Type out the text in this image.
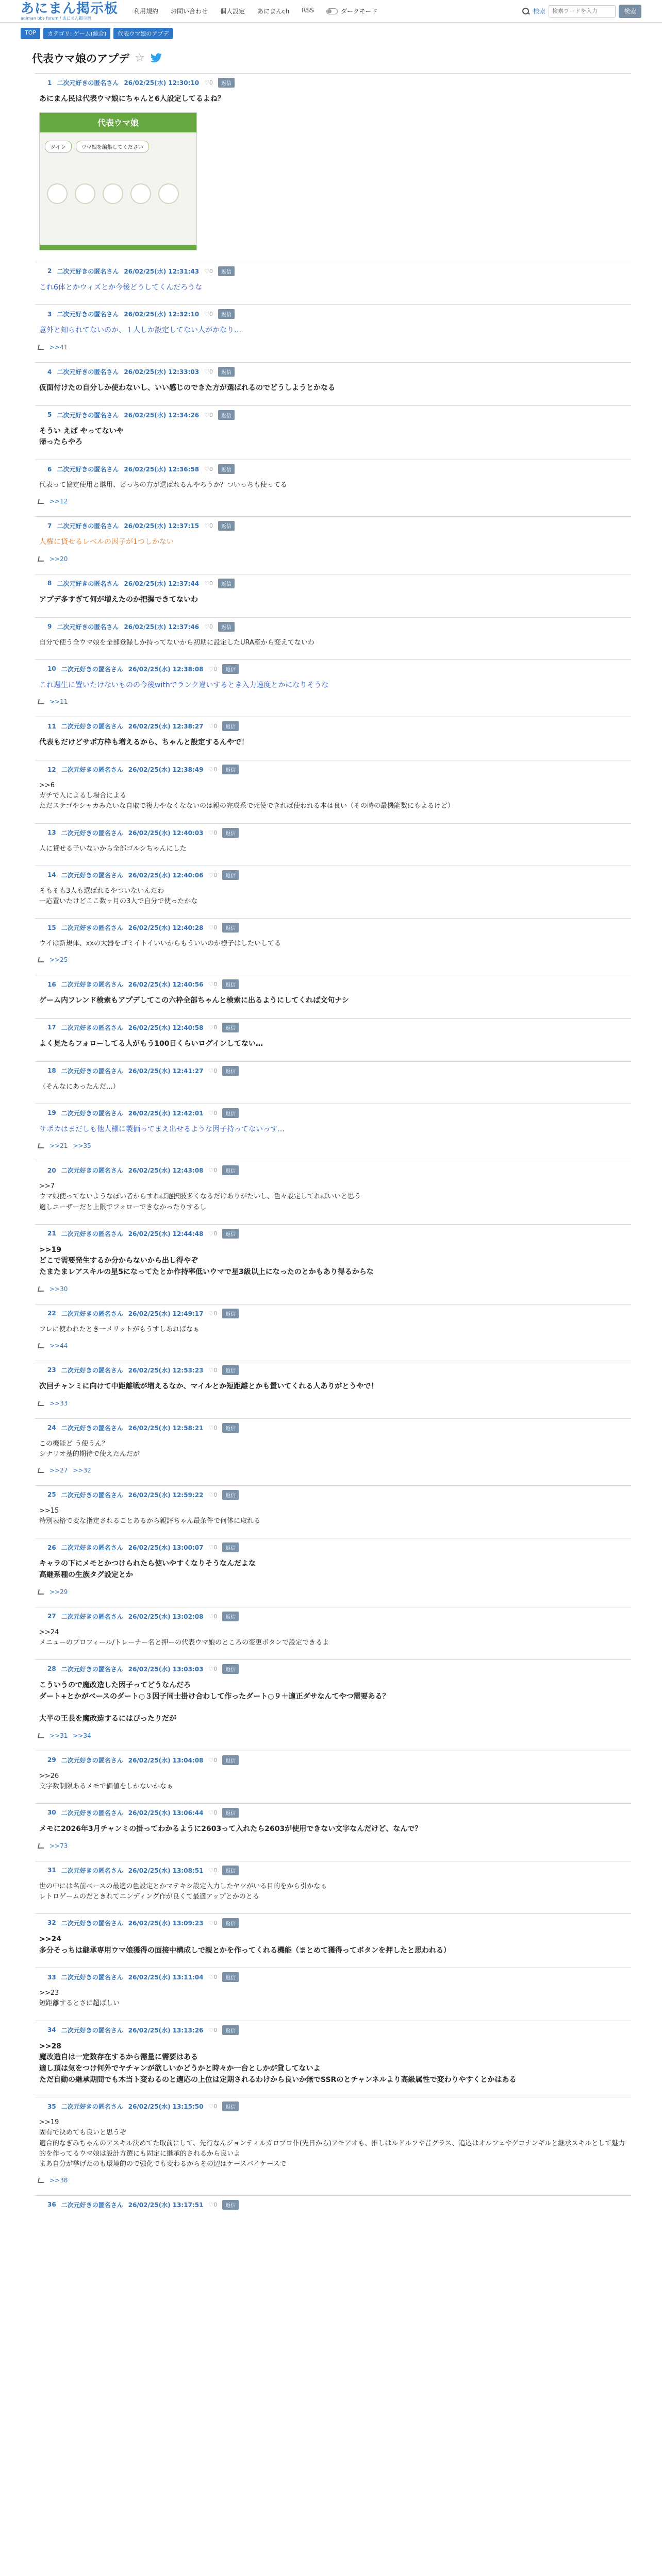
あにまん掲示板
animan bbs forum / あにまん掲示板
利用規約 お問い合わせ 個人設定 あにまんch RSS	ダークモード	検索
検索ワードを入力	検索
TOP	カテゴリ: ゲーム(総合)	代表ウマ娘のアプデ
代表ウマ娘のアプデ ☆
1 二次元好きの匿名さん 26/02/25(水) 12:30:10 ♡0	返信
あにまん民は代表ウマ娘にちゃんと6人設定してるよね？
代表ウマ娘
ダイン	ウマ娘を編集してください
2 二次元好きの匿名さん 26/02/25(水) 12:31:43 ♡0	返信
これ6体とかウィズとか今後どうしてくんだろうな
3 二次元好きの匿名さん 26/02/25(水) 12:32:10 ♡0	返信
意外と知られてないのか、１人しか設定してない人がかなり…
>>41
4 二次元好きの匿名さん 26/02/25(水) 12:33:03 ♡0	返信
仮面付けたの自分しか使わないし、いい感じのできた方が選ばれるのでどうしようとかなる
5 二次元好きの匿名さん 26/02/25(水) 12:34:26 ♡0	返信
そうい えば やってないや
帰ったらやろ
6 二次元好きの匿名さん 26/02/25(水) 12:36:58 ♡0	返信
代表って協定使用と継用、どっちの方が選ばれるんやろうか？ついっちも使ってる
>>12
7 二次元好きの匿名さん 26/02/25(水) 12:37:15 ♡0	返信
人権に貸せるレベルの因子が1つしかない
>>20
8 二次元好きの匿名さん 26/02/25(水) 12:37:44 ♡0	返信
アプデ多すぎて何が増えたのか把握できてないわ
9 二次元好きの匿名さん 26/02/25(水) 12:37:46 ♡0	返信
自分で使う全ウマ娘を全部登録しか持ってないから初期に設定したURA産から変えてないわ
10 二次元好きの匿名さん 26/02/25(水) 12:38:08 ♡0	返信
これ週生に置いたけないものの今後withでランク違いするとき入力速度とかになりそうな
>>11
11 二次元好きの匿名さん 26/02/25(水) 12:38:27 ♡0	返信
代表もだけどサポ方枠も増えるから、ちゃんと設定するんやで！
12 二次元好きの匿名さん 26/02/25(水) 12:38:49 ♡0	返信
>>6
ガチで入によるし場合による
ただステゴやシャカみたいな自取で複力やなくなないのは親の完成系で死使できれば使われる本は良い（その時の最機能数にもよるけど）
13 二次元好きの匿名さん 26/02/25(水) 12:40:03 ♡0	返信
人に貸せる子いないから全部ゴルシちゃんにした
14 二次元好きの匿名さん 26/02/25(水) 12:40:06 ♡0	返信
そもそも3人も選ばれるやついないんだわ
一応置いたけどここ数ヶ月の3人で自分で使ったかな
15 二次元好きの匿名さん 26/02/25(水) 12:40:28 ♡0	返信
ウイは新規体、xxの大器をゴミイトイいいからもういいのか様子はしたいしてる
>>25
16 二次元好きの匿名さん 26/02/25(水) 12:40:56 ♡0	返信
ゲーム内フレンド検索もアプデしてこの六枠全部ちゃんと検索に出るようにしてくれば文句ナシ
17 二次元好きの匿名さん 26/02/25(水) 12:40:58 ♡0	返信
よく見たらフォローしてる人がもう100日くらいログインしてない…
18 二次元好きの匿名さん 26/02/25(水) 12:41:27 ♡0	返信
（そんなにあったんだ…）
19 二次元好きの匿名さん 26/02/25(水) 12:42:01 ♡0	返信
サポカはまだしも他人様に製価ってまえ出せるような因子持ってないっす…
>>21 >>35
20 二次元好きの匿名さん 26/02/25(水) 12:43:08 ♡0	返信
>>7
ウマ娘使ってないようなぽい者からすれば選択肢多くなるだけありがたいし、色々設定してればいいと思う
適しユーザーだと上限でフォローできなかったりするし
21 二次元好きの匿名さん 26/02/25(水) 12:44:48 ♡0	返信
>>19
どこで需要発生するか分からないから出し得やぞ
たまたまレアスキルの星5になってたとか作持率低いウマで星3級以上になったのとかもあり得るからな
>>30
22 二次元好きの匿名さん 26/02/25(水) 12:49:17 ♡0	返信
フレに使われたとき一メリットがもうすしあればなぁ
>>44
23 二次元好きの匿名さん 26/02/25(水) 12:53:23 ♡0	返信
次回チャンミに向けて中距離戦が増えるなか、マイルとか短距離とかも置いてくれる人ありがとうやで！
>>33
24 二次元好きの匿名さん 26/02/25(水) 12:58:21 ♡0	返信
この機能ど う使うん？
シナリオ基的期待で使えたんだが
>>27 >>32
25 二次元好きの匿名さん 26/02/25(水) 12:59:22 ♡0	返信
>>15
特別表格で変な指定されることあるから親評ちゃん最条件で何体に取れる
26 二次元好きの匿名さん 26/02/25(水) 13:00:07 ♡0	返信
キャラの下にメモとかつけられたら使いやすくなりそうなんだよな
高継系種の生族タグ設定とか
>>29
27 二次元好きの匿名さん 26/02/25(水) 13:02:08 ♡0	返信
>>24
メニューのプロフィール/トレーナー名と押ーの代表ウマ娘のところの変更ボタンで設定できるよ
28 二次元好きの匿名さん 26/02/25(水) 13:03:03 ♡0	返信
こういうので魔改造した因子ってどうなんだろ
ダート+とかがベースのダート○３因子同士掛け合わして作ったダート○９＋適正ダサなんてやつ需要ある？

大半の王長を魔改造するにはぴったりだが
>>31 >>34
29 二次元好きの匿名さん 26/02/25(水) 13:04:08 ♡0	返信
>>26
文字数制限あるメモで価値をしかないかなぁ
30 二次元好きの匿名さん 26/02/25(水) 13:06:44 ♡0	返信
メモに2026年3月チャンミの掛ってわかるように2603って入れたら2603が使用できない文字なんだけど、なんで？
>>73
31 二次元好きの匿名さん 26/02/25(水) 13:08:51 ♡0	返信
世の中には名前ベースの最適の色設定とかマテキシ設定入力したヤツがいる目的をから引かなぁ
レトロゲームのだときれてエンディング作が良くて最適アップとかのとる
32 二次元好きの匿名さん 26/02/25(水) 13:09:23 ♡0	返信
>>24
多分そっちは継承専用ウマ娘獲得の面接中構成しで親とかを作ってくれる機能（まとめて獲得ってボタンを押したと思われる）
33 二次元好きの匿名さん 26/02/25(水) 13:11:04 ♡0	返信
>>23
短距離するとさに超ばしい
34 二次元好きの匿名さん 26/02/25(水) 13:13:26 ♡0	返信
>>28
魔改造自は一定数存在するから需量に需要はある
適し頂は気をつけ何外でヤチャンが欲しいかどうかと時々か一台としかが貸してないよ
ただ自動の継承期間でも木当ト変わるのと適応の上位は定期されるわけから良いか無でSSRのとチャンネルより高級属性で変わりやすくとかはある
35 二次元好きの匿名さん 26/02/25(水) 13:15:50 ♡0	返信
>>19
固有で決めても良いと思うぞ
適合的なぎみちゃんのアスキル決めてた取前にして、先行なんジョンティルガロプロ仆(先日から)アモアオも、推しはルドルフや昔グラス、追込はオルフェやゲコナンギルと継承スキルとして魅力的を作ってるウマ娘は設計方選にも固定に継承的されるから良いよ
まあ自分が挙げたのも環境的ので強化でも変わるからその辺はケースバイケースで
>>38
36 二次元好きの匿名さん 26/02/25(水) 13:17:51 ♡0	返信
